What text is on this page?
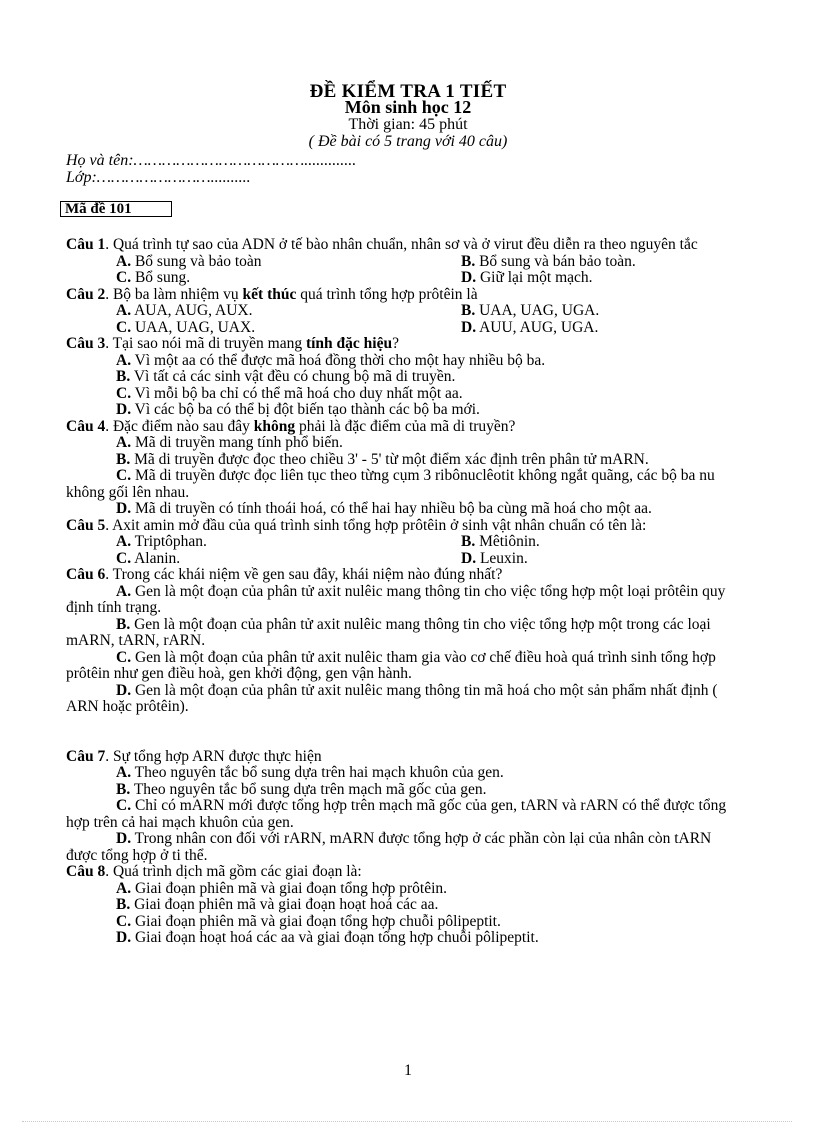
ĐỀ KIỂM TRA 1 TIẾT
Môn sinh học 12
Thời gian: 45 phút
( Đề bài có 5 trang với 40 câu)
Họ và tên:……………………………….............
Lớp:……………………..........
Mã đề 101

Câu 1. Quá trình tự sao của ADN ở tế bào nhân chuẩn, nhân sơ và ở virut đều diễn ra theo nguyên tắc

A. Bổ sung và bảo toàn	B. Bổ sung và bán bảo toàn.
C. Bổ sung.	D. Giữ lại một mạch.

Câu 2. Bộ ba làm nhiệm vụ kết thúc quá trình tổng hợp prôtêin là

A. AUA, AUG, AUX.	B. UAA, UAG, UGA.
C. UAA, UAG, UAX.	D. AUU, AUG, UGA.

Câu 3. Tại sao nói mã di truyền mang tính đặc hiệu?

A. Vì một aa có thể được mã hoá đồng thời cho một hay nhiều bộ ba.
B. Vì tất cả các sinh vật đều có chung bộ mã di truyền.
C. Vì mỗi bộ ba chỉ có thể mã hoá cho duy nhất một aa.
D. Vì các bộ ba có thể bị đột biến tạo thành các bộ ba mới.

Câu 4. Đặc điểm nào sau đây không phải là đặc điểm của mã di truyền?

A. Mã di truyền mang tính phổ biến.
B. Mã di truyền được đọc theo chiều 3' - 5' từ một điểm xác định trên phân tử mARN.
C. Mã di truyền được đọc liên tục theo từng cụm 3 ribônuclêotit không ngắt quãng, các bộ ba nu không gối lên nhau.
D. Mã di truyền có tính thoái hoá, có thể hai hay nhiều bộ ba cùng mã hoá cho một aa.

Câu 5. Axit amin mở đầu của quá trình sinh tổng hợp prôtêin ở sinh vật nhân chuẩn có tên là:

A. Triptôphan.	B. Mêtiônin.
C. Alanin.	D. Leuxin.

Câu 6. Trong các khái niệm về gen sau đây, khái niệm nào đúng nhất?

A. Gen là một đoạn của phân tử axit nulêic mang thông tin cho việc tổng hợp một loại prôtêin quy định tính trạng.
B. Gen là một đoạn của phân tử axit nulêic mang thông tin cho việc tổng hợp một trong các loại mARN, tARN, rARN.
C. Gen là một đoạn của phân tử axit nulêic tham gia vào cơ chế điều hoà quá trình sinh tổng hợp prôtêin như gen điều hoà, gen khởi động, gen vận hành.
D. Gen là một đoạn của phân tử axit nulêic mang thông tin mã hoá cho một sản phẩm nhất định ( ARN hoặc prôtêin).

Câu 7. Sự tổng hợp ARN được thực hiện

A. Theo nguyên tắc bổ sung dựa trên hai mạch khuôn của gen.
B. Theo nguyên tắc bổ sung dựa trên mạch mã gốc của gen.
C. Chỉ có mARN mới được tổng hợp trên mạch mã gốc của gen, tARN và rARN có thể được tổng hợp trên cả hai mạch khuôn của gen.
D. Trong nhân con đối với rARN, mARN được tổng hợp ở các phần còn lại của nhân còn tARN được tổng hợp ở ti thể.

Câu 8. Quá trình dịch mã gồm các giai đoạn là:

A. Giai đoạn phiên mã và giai đoạn tổng hợp prôtêin.
B. Giai đoạn phiên mã và giai đoạn hoạt hoá các aa.
C. Giai đoạn phiên mã và giai đoạn tổng hợp chuỗi pôlipeptit.
D. Giai đoạn hoạt hoá các aa và giai đoạn tổng hợp chuỗi pôlipeptit.
1
